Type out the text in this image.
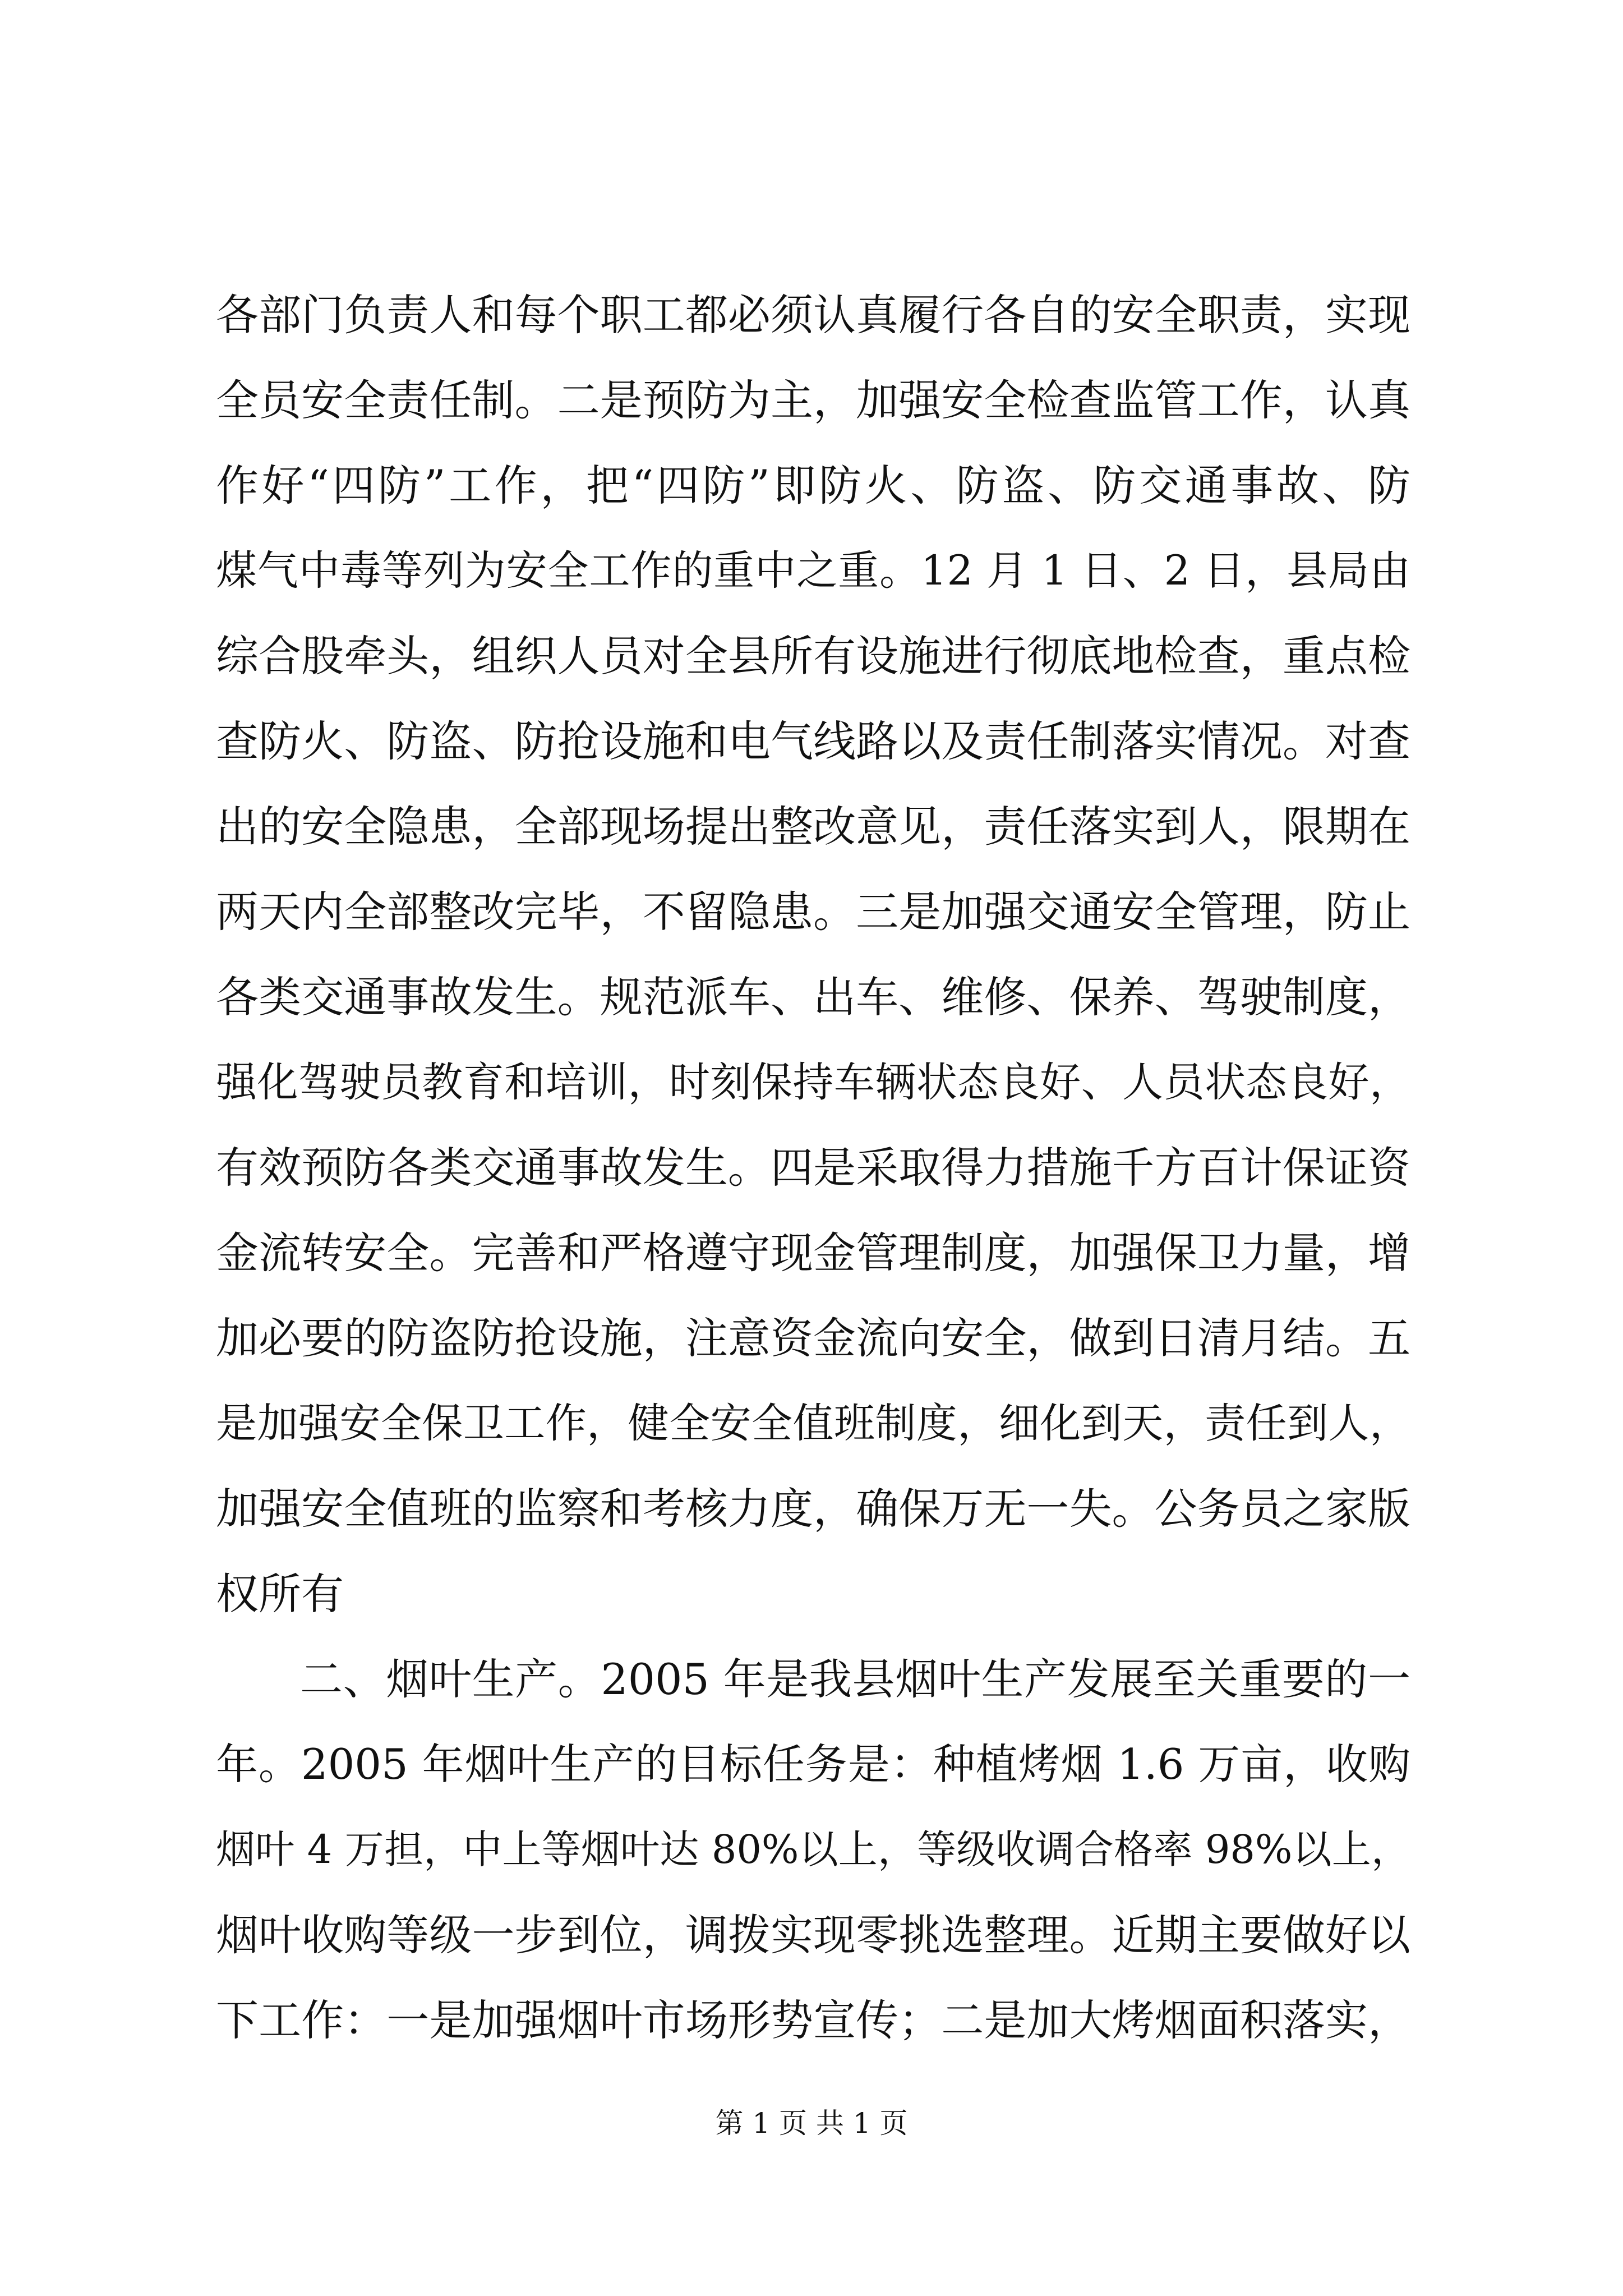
各部门负责人和每个职工都必须认真履行各自的安全职责，实现
全员安全责任制。二是预防为主，加强安全检查监管工作，认真
作好“四防”工作，把“四防”即防火、防盗、防交通事故、防
煤气中毒等列为安全工作的重中之重。12 月 1 日、2 日，县局由
综合股牵头，组织人员对全县所有设施进行彻底地检查，重点检
查防火、防盗、防抢设施和电气线路以及责任制落实情况。对查
出的安全隐患，全部现场提出整改意见，责任落实到人，限期在
两天内全部整改完毕，不留隐患。三是加强交通安全管理，防止
各类交通事故发生。规范派车、出车、维修、保养、驾驶制度，
强化驾驶员教育和培训，时刻保持车辆状态良好、人员状态良好，
有效预防各类交通事故发生。四是采取得力措施千方百计保证资
金流转安全。完善和严格遵守现金管理制度，加强保卫力量，增
加必要的防盗防抢设施，注意资金流向安全，做到日清月结。五
是加强安全保卫工作，健全安全值班制度，细化到天，责任到人，
加强安全值班的监察和考核力度，确保万无一失。公务员之家版
权所有
二、烟叶生产。2005 年是我县烟叶生产发展至关重要的一
年。2005 年烟叶生产的目标任务是：种植烤烟 1.6 万亩，收购
烟叶 4 万担，中上等烟叶达 80%以上，等级收调合格率 98%以上，
烟叶收购等级一步到位，调拨实现零挑选整理。近期主要做好以
下工作：一是加强烟叶市场形势宣传；二是加大烤烟面积落实，
第 1 页 共 1 页
